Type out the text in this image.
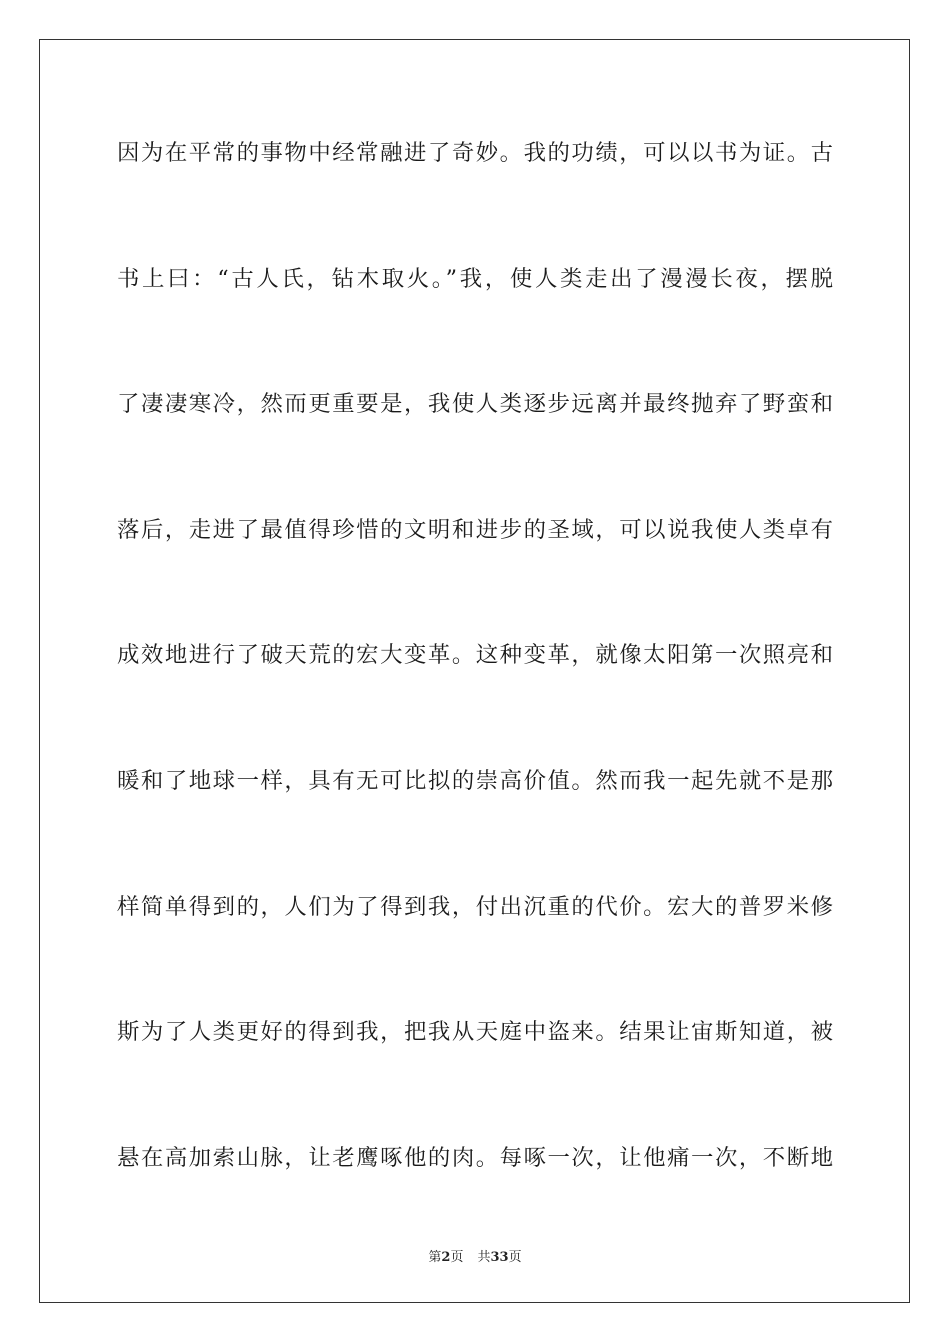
因为在平常的事物中经常融进了奇妙。我的功绩，可以以书为证。古

书上曰：“古人氏，钻木取火。”我，使人类走出了漫漫长夜，摆脱

了凄凄寒冷，然而更重要是，我使人类逐步远离并最终抛弃了野蛮和

落后，走进了最值得珍惜的文明和进步的圣域，可以说我使人类卓有

成效地进行了破天荒的宏大变革。这种变革，就像太阳第一次照亮和

暖和了地球一样，具有无可比拟的崇高价值。然而我一起先就不是那

样简单得到的，人们为了得到我，付出沉重的代价。宏大的普罗米修

斯为了人类更好的得到我，把我从天庭中盗来。结果让宙斯知道，被

悬在高加索山脉，让老鹰啄他的肉。每啄一次，让他痛一次，不断地

第2页 共33页
